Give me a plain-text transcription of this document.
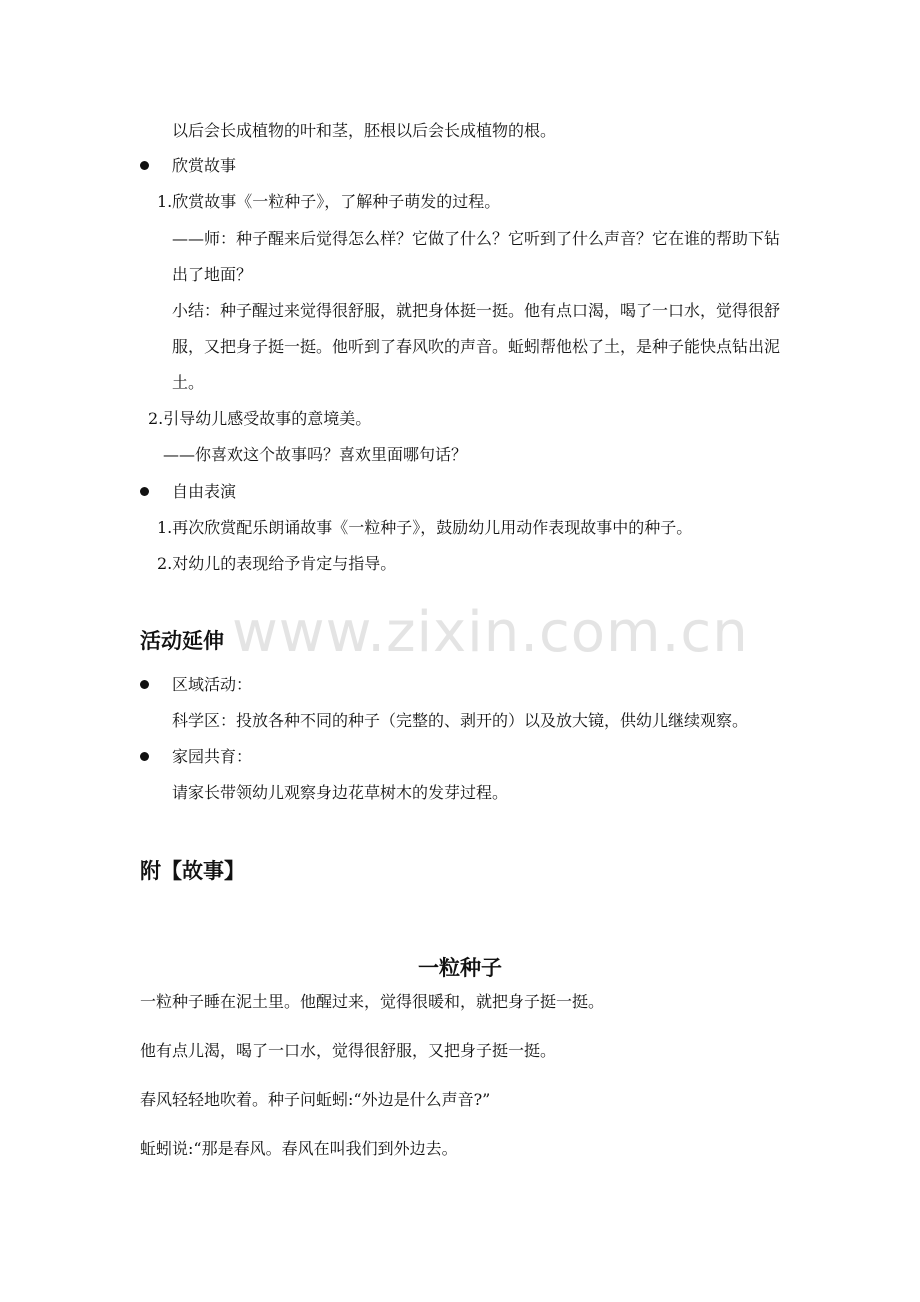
www.zixin.com.cn
以后会长成植物的叶和茎，胚根以后会长成植物的根。
欣赏故事
1.欣赏故事《一粒种子》，了解种子萌发的过程。
——师：种子醒来后觉得怎么样？它做了什么？它听到了什么声音？它在谁的帮助下钻
出了地面？
小结：种子醒过来觉得很舒服，就把身体挺一挺。他有点口渴，喝了一口水，觉得很舒
服，又把身子挺一挺。他听到了春风吹的声音。蚯蚓帮他松了土，是种子能快点钻出泥
土。
2.引导幼儿感受故事的意境美。
——你喜欢这个故事吗？喜欢里面哪句话？
自由表演
1.再次欣赏配乐朗诵故事《一粒种子》，鼓励幼儿用动作表现故事中的种子。
2.对幼儿的表现给予肯定与指导。
活动延伸
区域活动：
科学区：投放各种不同的种子（完整的、剥开的）以及放大镜，供幼儿继续观察。
家园共育：
请家长带领幼儿观察身边花草树木的发芽过程。
附【故事】
一粒种子
一粒种子睡在泥土里。他醒过来，觉得很暖和，就把身子挺一挺。
他有点儿渴，喝了一口水，觉得很舒服，又把身子挺一挺。
春风轻轻地吹着。种子问蚯蚓:“外边是什么声音?”
蚯蚓说:“那是春风。春风在叫我们到外边去。
